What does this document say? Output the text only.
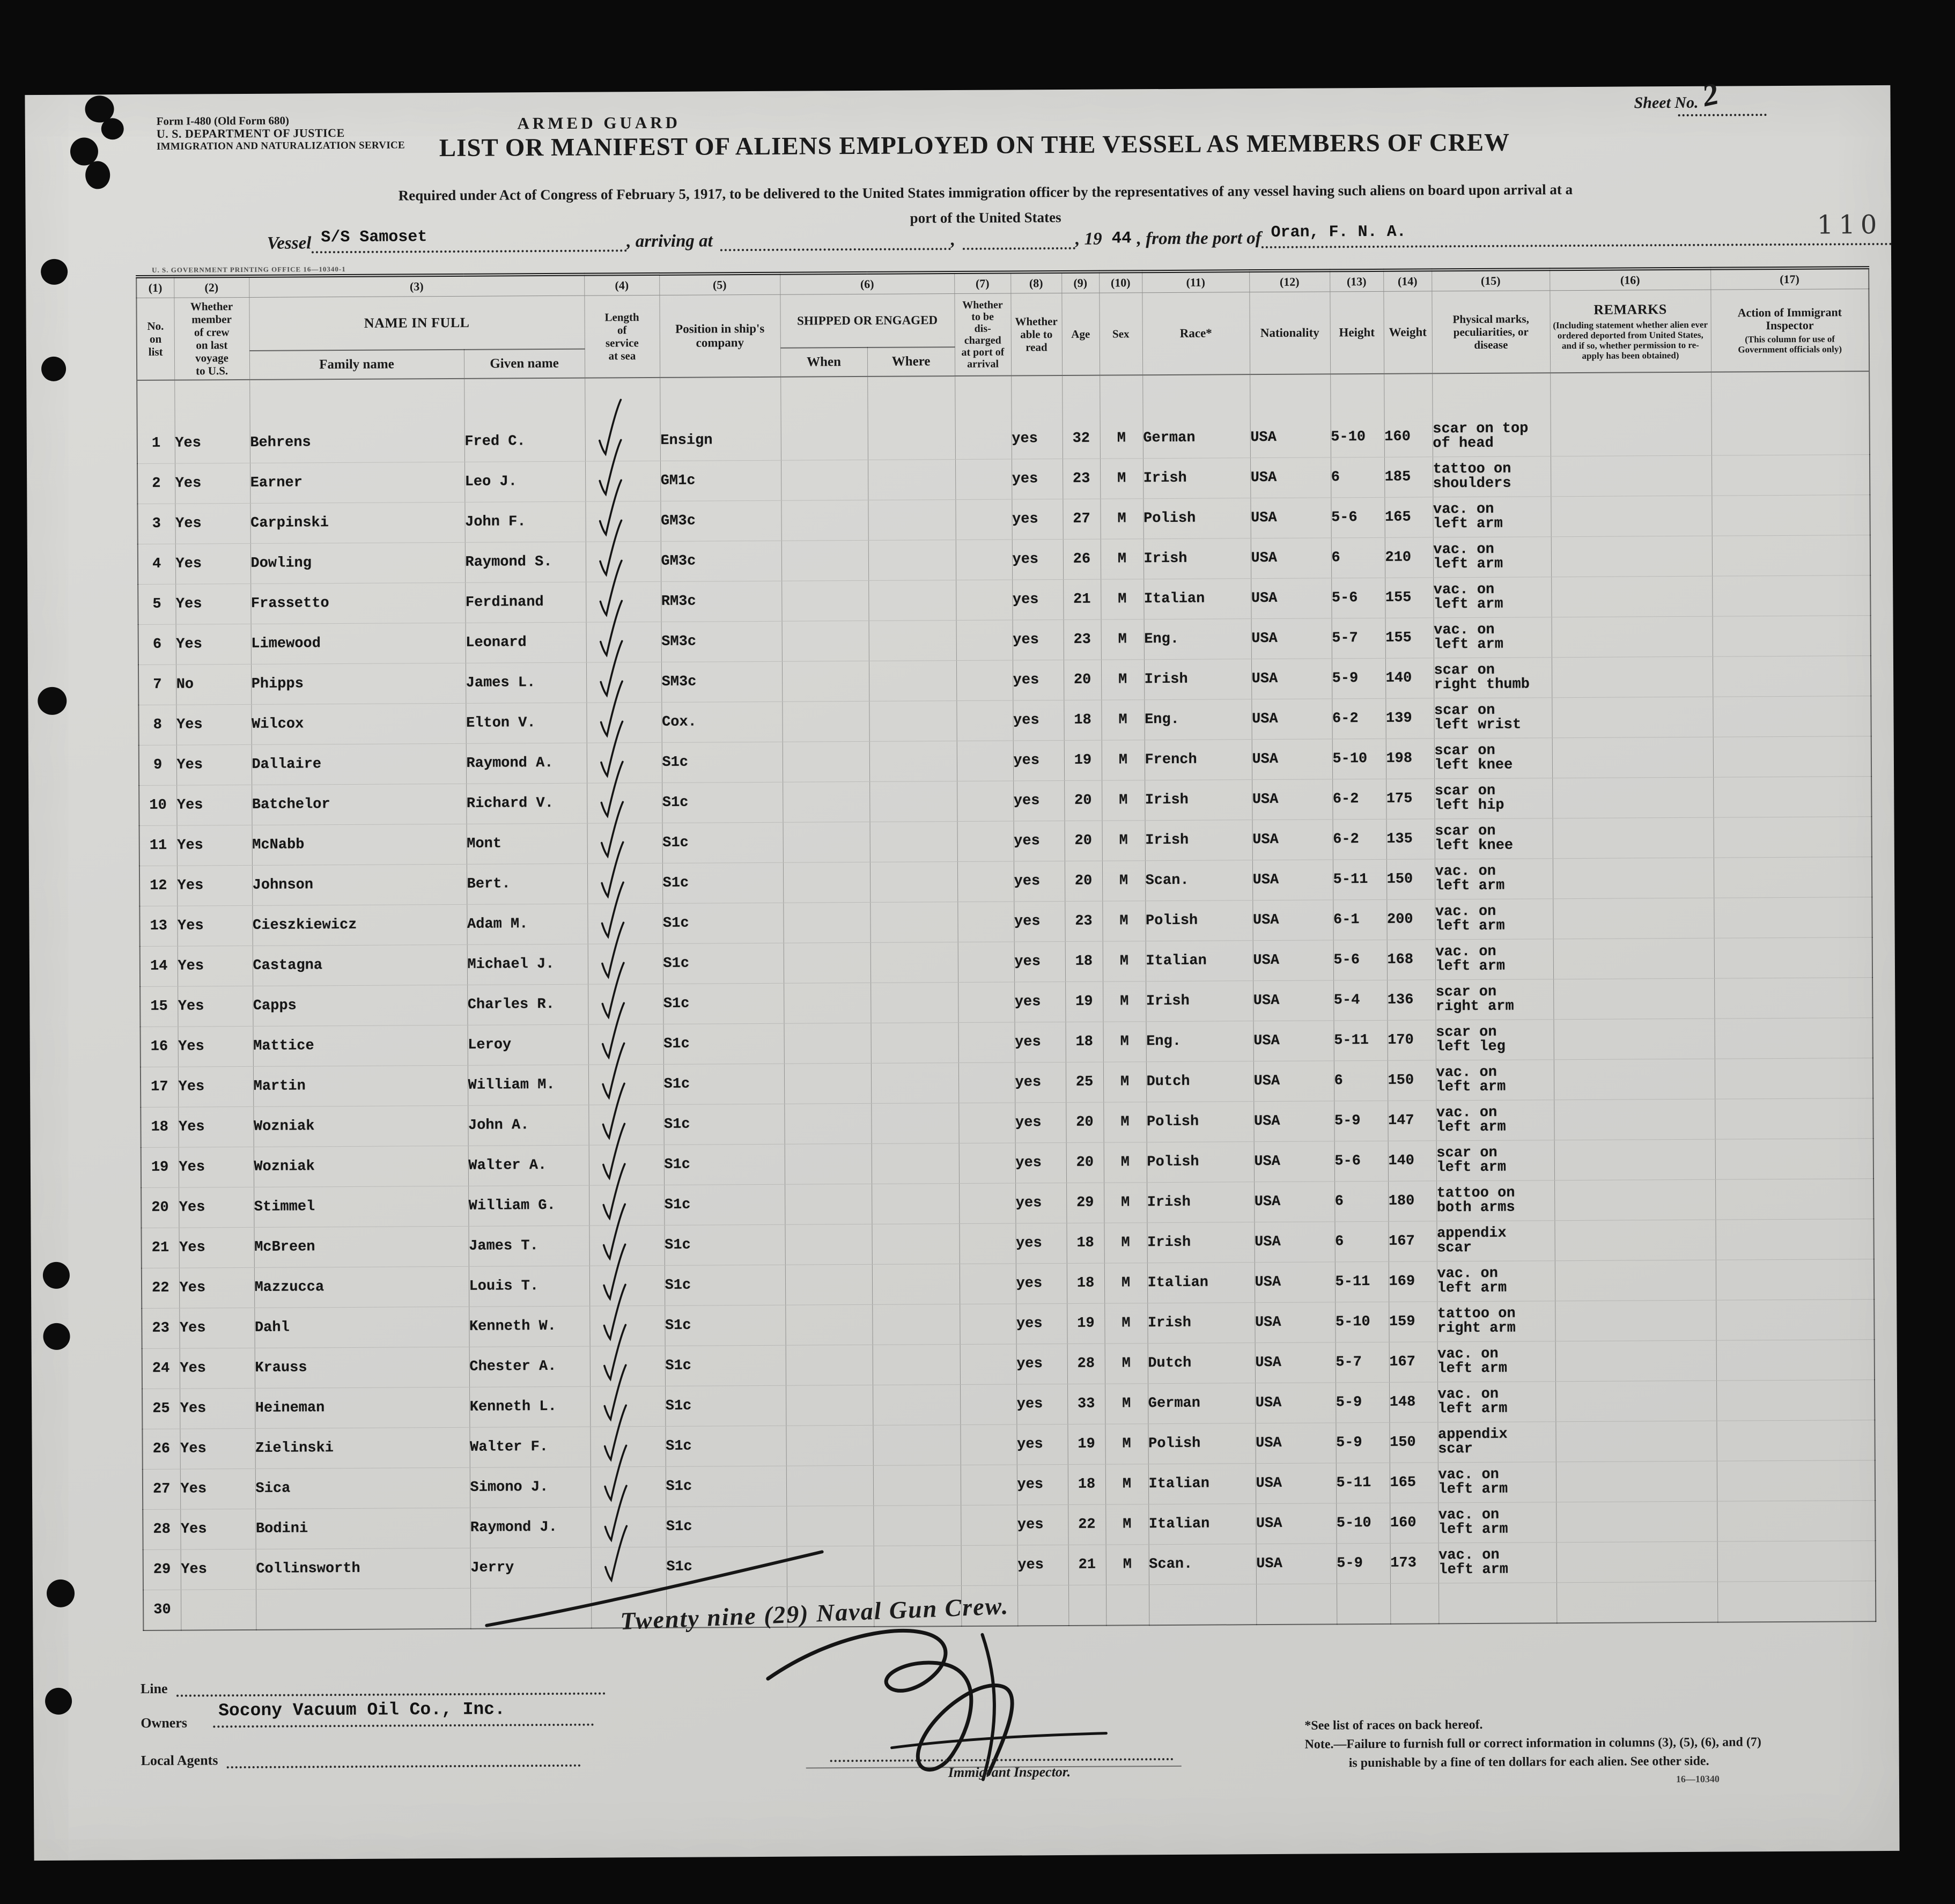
Form I-480 (Old Form 680)
U. S. DEPARTMENT OF JUSTICE
IMMIGRATION AND NATURALIZATION SERVICE
ARMED GUARD
LIST OR MANIFEST OF ALIENS EMPLOYED ON THE VESSEL AS MEMBERS OF CREW
Required under Act of Congress of February 5, 1917, to be delivered to the United States immigration officer by the representatives of any vessel having such aliens on board upon arrival at a
port of the United States
Sheet No. 2
110
U. S. GOVERNMENT PRINTING OFFICE 16—10340-1
Vessel S/S Samoset	, arriving at	,	, 19 44 , from the port of Oran, F. N. A.
(1)	(2)	(3)		(4)	(5)	(6)		(7)	(8)	(9)	(10)	(11)	(12)	(13)	(14)	(15)	(16)	(17)
No.
on
list	Whether
member
of crew
on last
voyage
to U.S.	NAME IN FULL	Length
of
service
at sea	Position in ship's
company	SHIPPED OR ENGAGED	Whether
to be
dis-
charged
at port of
arrival	Whether
able to
read	Age	Sex	Race*	Nationality	Height	Weight	Physical marks,
peculiarities, or
disease	
REMARKS

(Including statement whether alien ever
ordered deported from United States,
and if so, whether permission to re-
apply has been obtained)

Action of Immigrant
Inspector

(This column for use of
Government officials only)

		Family name	Given name			When	Where											

1	Yes	Behrens	Fred C.		Ensign				yes	32	M	German	USA	5-10	160	scar on top
of head		
2	Yes	Earner	Leo J.		GM1c				yes	23	M	Irish	USA	6	185	tattoo on
shoulders		
3	Yes	Carpinski	John F.		GM3c				yes	27	M	Polish	USA	5-6	165	vac. on
left arm		
4	Yes	Dowling	Raymond S.		GM3c				yes	26	M	Irish	USA	6	210	vac. on
left arm		
5	Yes	Frassetto	Ferdinand		RM3c				yes	21	M	Italian	USA	5-6	155	vac. on
left arm		
6	Yes	Limewood	Leonard		SM3c				yes	23	M	Eng.	USA	5-7	155	vac. on
left arm		
7	No	Phipps	James L.		SM3c				yes	20	M	Irish	USA	5-9	140	scar on
right thumb		
8	Yes	Wilcox	Elton V.		Cox.				yes	18	M	Eng.	USA	6-2	139	scar on
left wrist		
9	Yes	Dallaire	Raymond A.		S1c				yes	19	M	French	USA	5-10	198	scar on
left knee		
10	Yes	Batchelor	Richard V.		S1c				yes	20	M	Irish	USA	6-2	175	scar on
left hip		
11	Yes	McNabb	Mont		S1c				yes	20	M	Irish	USA	6-2	135	scar on
left knee		
12	Yes	Johnson	Bert.		S1c				yes	20	M	Scan.	USA	5-11	150	vac. on
left arm		
13	Yes	Cieszkiewicz	Adam M.		S1c				yes	23	M	Polish	USA	6-1	200	vac. on
left arm		
14	Yes	Castagna	Michael J.		S1c				yes	18	M	Italian	USA	5-6	168	vac. on
left arm		
15	Yes	Capps	Charles R.		S1c				yes	19	M	Irish	USA	5-4	136	scar on
right arm		
16	Yes	Mattice	Leroy		S1c				yes	18	M	Eng.	USA	5-11	170	scar on
left leg		
17	Yes	Martin	William M.		S1c				yes	25	M	Dutch	USA	6	150	vac. on
left arm		
18	Yes	Wozniak	John A.		S1c				yes	20	M	Polish	USA	5-9	147	vac. on
left arm		
19	Yes	Wozniak	Walter A.		S1c				yes	20	M	Polish	USA	5-6	140	scar on
left arm		
20	Yes	Stimmel	William G.		S1c				yes	29	M	Irish	USA	6	180	tattoo on
both arms		
21	Yes	McBreen	James T.		S1c				yes	18	M	Irish	USA	6	167	appendix
scar		
22	Yes	Mazzucca	Louis T.		S1c				yes	18	M	Italian	USA	5-11	169	vac. on
left arm		
23	Yes	Dahl	Kenneth W.		S1c				yes	19	M	Irish	USA	5-10	159	tattoo on
right arm		
24	Yes	Krauss	Chester A.		S1c				yes	28	M	Dutch	USA	5-7	167	vac. on
left arm		
25	Yes	Heineman	Kenneth L.		S1c				yes	33	M	German	USA	5-9	148	vac. on
left arm		
26	Yes	Zielinski	Walter F.		S1c				yes	19	M	Polish	USA	5-9	150	appendix
scar		
27	Yes	Sica	Simono J.		S1c				yes	18	M	Italian	USA	5-11	165	vac. on
left arm		
28	Yes	Bodini	Raymond J.		S1c				yes	22	M	Italian	USA	5-10	160	vac. on
left arm		
29	Yes	Collinsworth	Jerry		S1c				yes	21	M	Scan.	USA	5-9	173	vac. on
left arm		
30																			Twenty nine (29) Naval Gun Crew.
Immigrant Inspector.
Line
Owners
Socony Vacuum Oil Co., Inc.
Local Agents
*See list of races on back hereof.
Note.—Failure to furnish full or correct information in columns (3), (5), (6), and (7)
is punishable by a fine of ten dollars for each alien. See other side.
16—10340
